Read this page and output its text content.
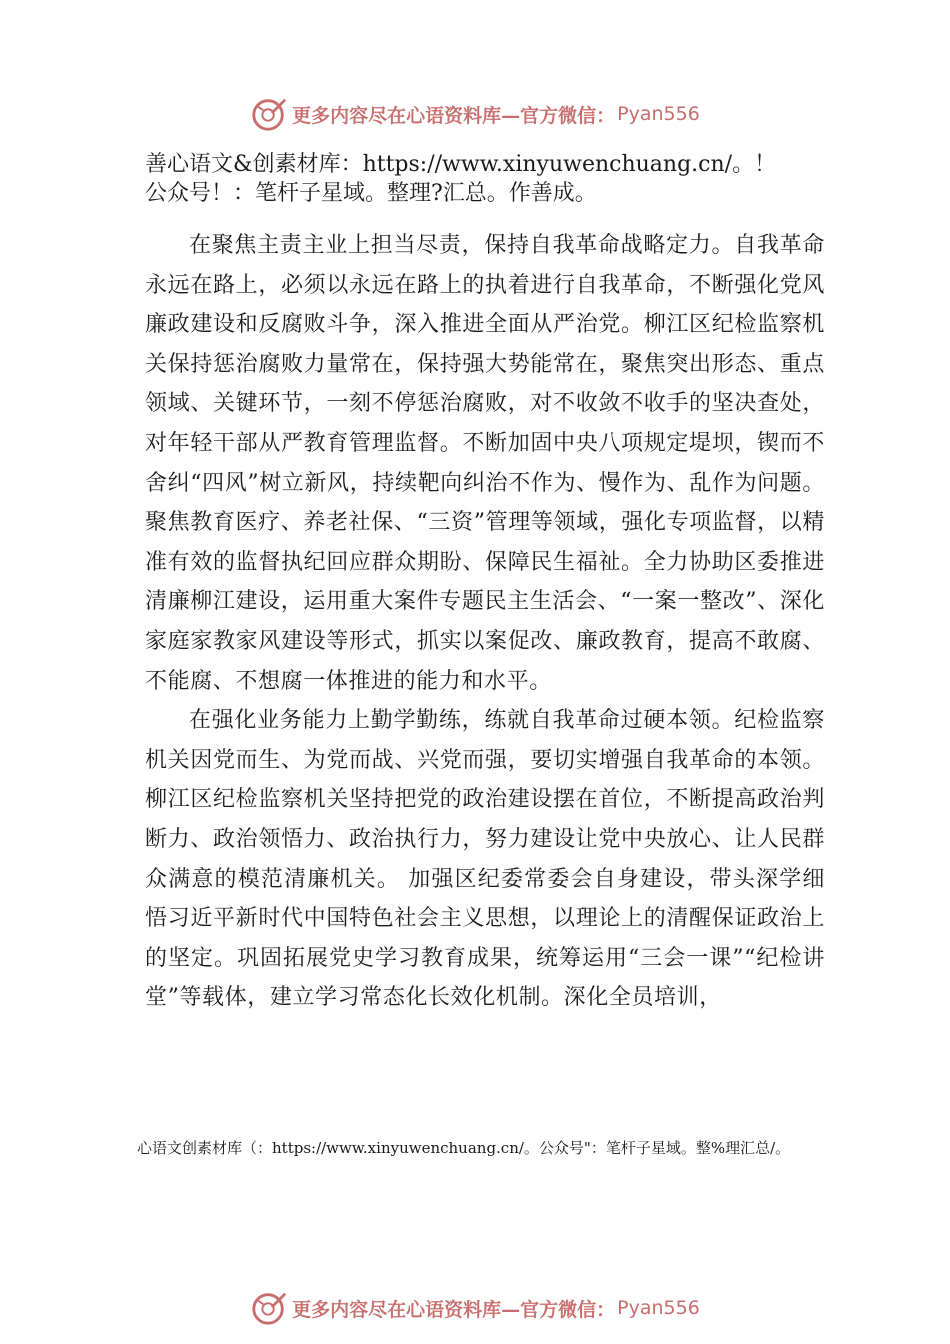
更多内容尽在心语资料库—官方微信： Pyan556

善心语文&创素材库：https://www.xinyuwenchuang.cn/。！

公众号！：笔杆子星域。整理?汇总。作善成。

在聚焦主责主业上担当尽责，保持自我革命战略定力。自我革命永远在路上，必须以永远在路上的执着进行自我革命，不断强化党风廉政建设和反腐败斗争，深入推进全面从严治党。柳江区纪检监察机关保持惩治腐败力量常在，保持强大势能常在，聚焦突出形态、重点领域、关键环节，一刻不停惩治腐败，对不收敛不收手的坚决查处，对年轻干部从严教育管理监督。不断加固中央八项规定堤坝，锲而不舍纠“四风”树立新风，持续靶向纠治不作为、慢作为、乱作为问题。聚焦教育医疗、养老社保、“三资”管理等领域，强化专项监督，以精准有效的监督执纪回应群众期盼、保障民生福祉。全力协助区委推进清廉柳江建设，运用重大案件专题民主生活会、“一案一整改”、深化家庭家教家风建设等形式，抓实以案促改、廉政教育，提高不敢腐、不能腐、不想腐一体推进的能力和水平。

在强化业务能力上勤学勤练，练就自我革命过硬本领。纪检监察机关因党而生、为党而战、兴党而强，要切实增强自我革命的本领。柳江区纪检监察机关坚持把党的政治建设摆在首位，不断提高政治判断力、政治领悟力、政治执行力，努力建设让党中央放心、让人民群众满意的模范清廉机关。 加强区纪委常委会自身建设，带头深学细悟习近平新时代中国特色社会主义思想，以理论上的清醒保证政治上的坚定。巩固拓展党史学习教育成果，统筹运用“三会一课”“纪检讲堂”等载体，建立学习常态化长效化机制。深化全员培训，

心语文创素材库（：https://www.xinyuwenchuang.cn/。公众号"：笔杆子星域。整%理汇总/。

更多内容尽在心语资料库—官方微信： Pyan556
